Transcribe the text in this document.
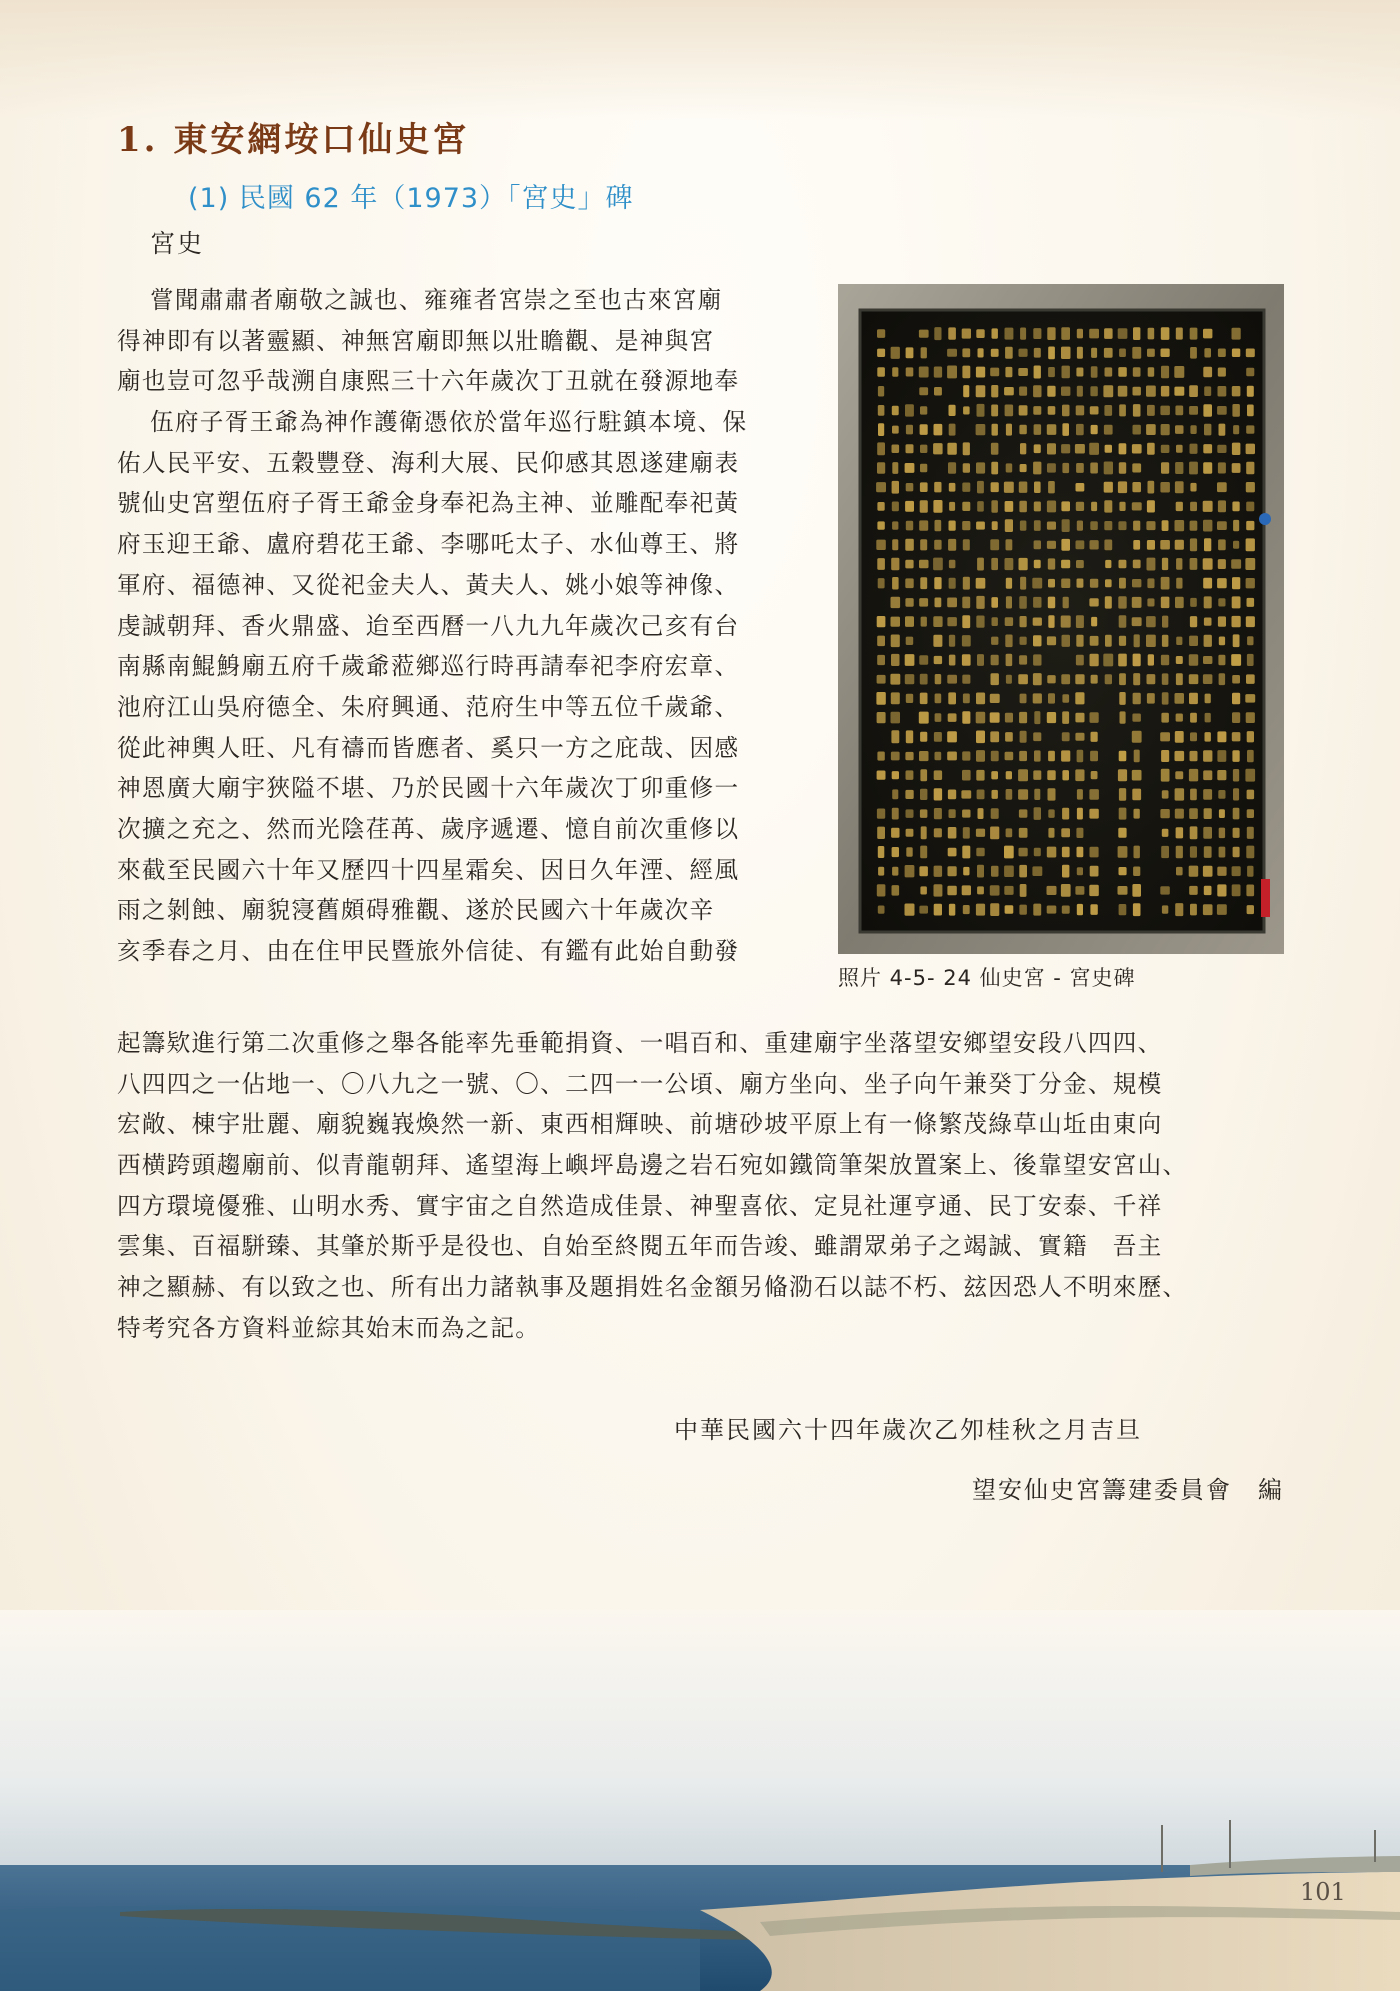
1. 東安網垵口仙史宮
(1) 民國 62 年（1973）「宮史」碑
宮史
嘗聞肅肅者廟敬之誠也、雍雍者宮崇之至也古來宮廟
得神即有以著靈顯、神無宮廟即無以壯瞻觀、是神與宮
廟也豈可忽乎哉溯自康熙三十六年歲次丁丑就在發源地奉
伍府子胥王爺為神作護衛憑依於當年巡行駐鎮本境、保
佑人民平安、五穀豐登、海利大展、民仰感其恩遂建廟表
號仙史宮塑伍府子胥王爺金身奉祀為主神、並雕配奉祀黃
府玉迎王爺、盧府碧花王爺、李哪吒太子、水仙尊王、將
軍府、福德神、又從祀金夫人、黃夫人、姚小娘等神像、
虔誠朝拜、香火鼎盛、迨至西曆一八九九年歲次己亥有台
南縣南鯤鯓廟五府千歲爺蒞鄉巡行時再請奉祀李府宏章、
池府江山吳府德全、朱府興通、范府生中等五位千歲爺、
從此神輿人旺、凡有禱而皆應者、奚只一方之庇哉、因感
神恩廣大廟宇狹隘不堪、乃於民國十六年歲次丁卯重修一
次擴之充之、然而光陰荏苒、歲序遞遷、憶自前次重修以
來截至民國六十年又歷四十四星霜矣、因日久年湮、經風
雨之剝蝕、廟貌寖舊頗碍雅觀、遂於民國六十年歲次辛
亥季春之月、由在住甲民暨旅外信徒、有鑑有此始自動發
起籌欵進行第二次重修之舉各能率先垂範捐資、一唱百和、重建廟宇坐落望安鄉望安段八四四、
八四四之一佔地一、〇八九之一號、〇、二四一一公頃、廟方坐向、坐子向午兼癸丁分金、規模
宏敞、棟宇壯麗、廟貌巍峩煥然一新、東西相輝映、前塘砂坡平原上有一條繁茂綠草山坵由東向
西横跨頭趨廟前、似青龍朝拜、遙望海上嶼坪島邊之岩石宛如鐵筒筆架放置案上、後靠望安宮山、
四方環境優雅、山明水秀、實宇宙之自然造成佳景、神聖喜依、定見社運亨通、民丁安泰、千祥
雲集、百福駢臻、其肇於斯乎是役也、自始至終閱五年而告竣、雖謂眾弟子之竭誠、實籍　吾主
神之顯赫、有以致之也、所有出力諸執事及題捐姓名金額另偹泐石以誌不朽、玆因恐人不明來歷、
特考究各方資料並綜其始末而為之記。
照片 4-5- 24 仙史宮 - 宮史碑
中華民國六十四年歲次乙夘桂秋之月吉旦
望安仙史宮籌建委員會　編
101
